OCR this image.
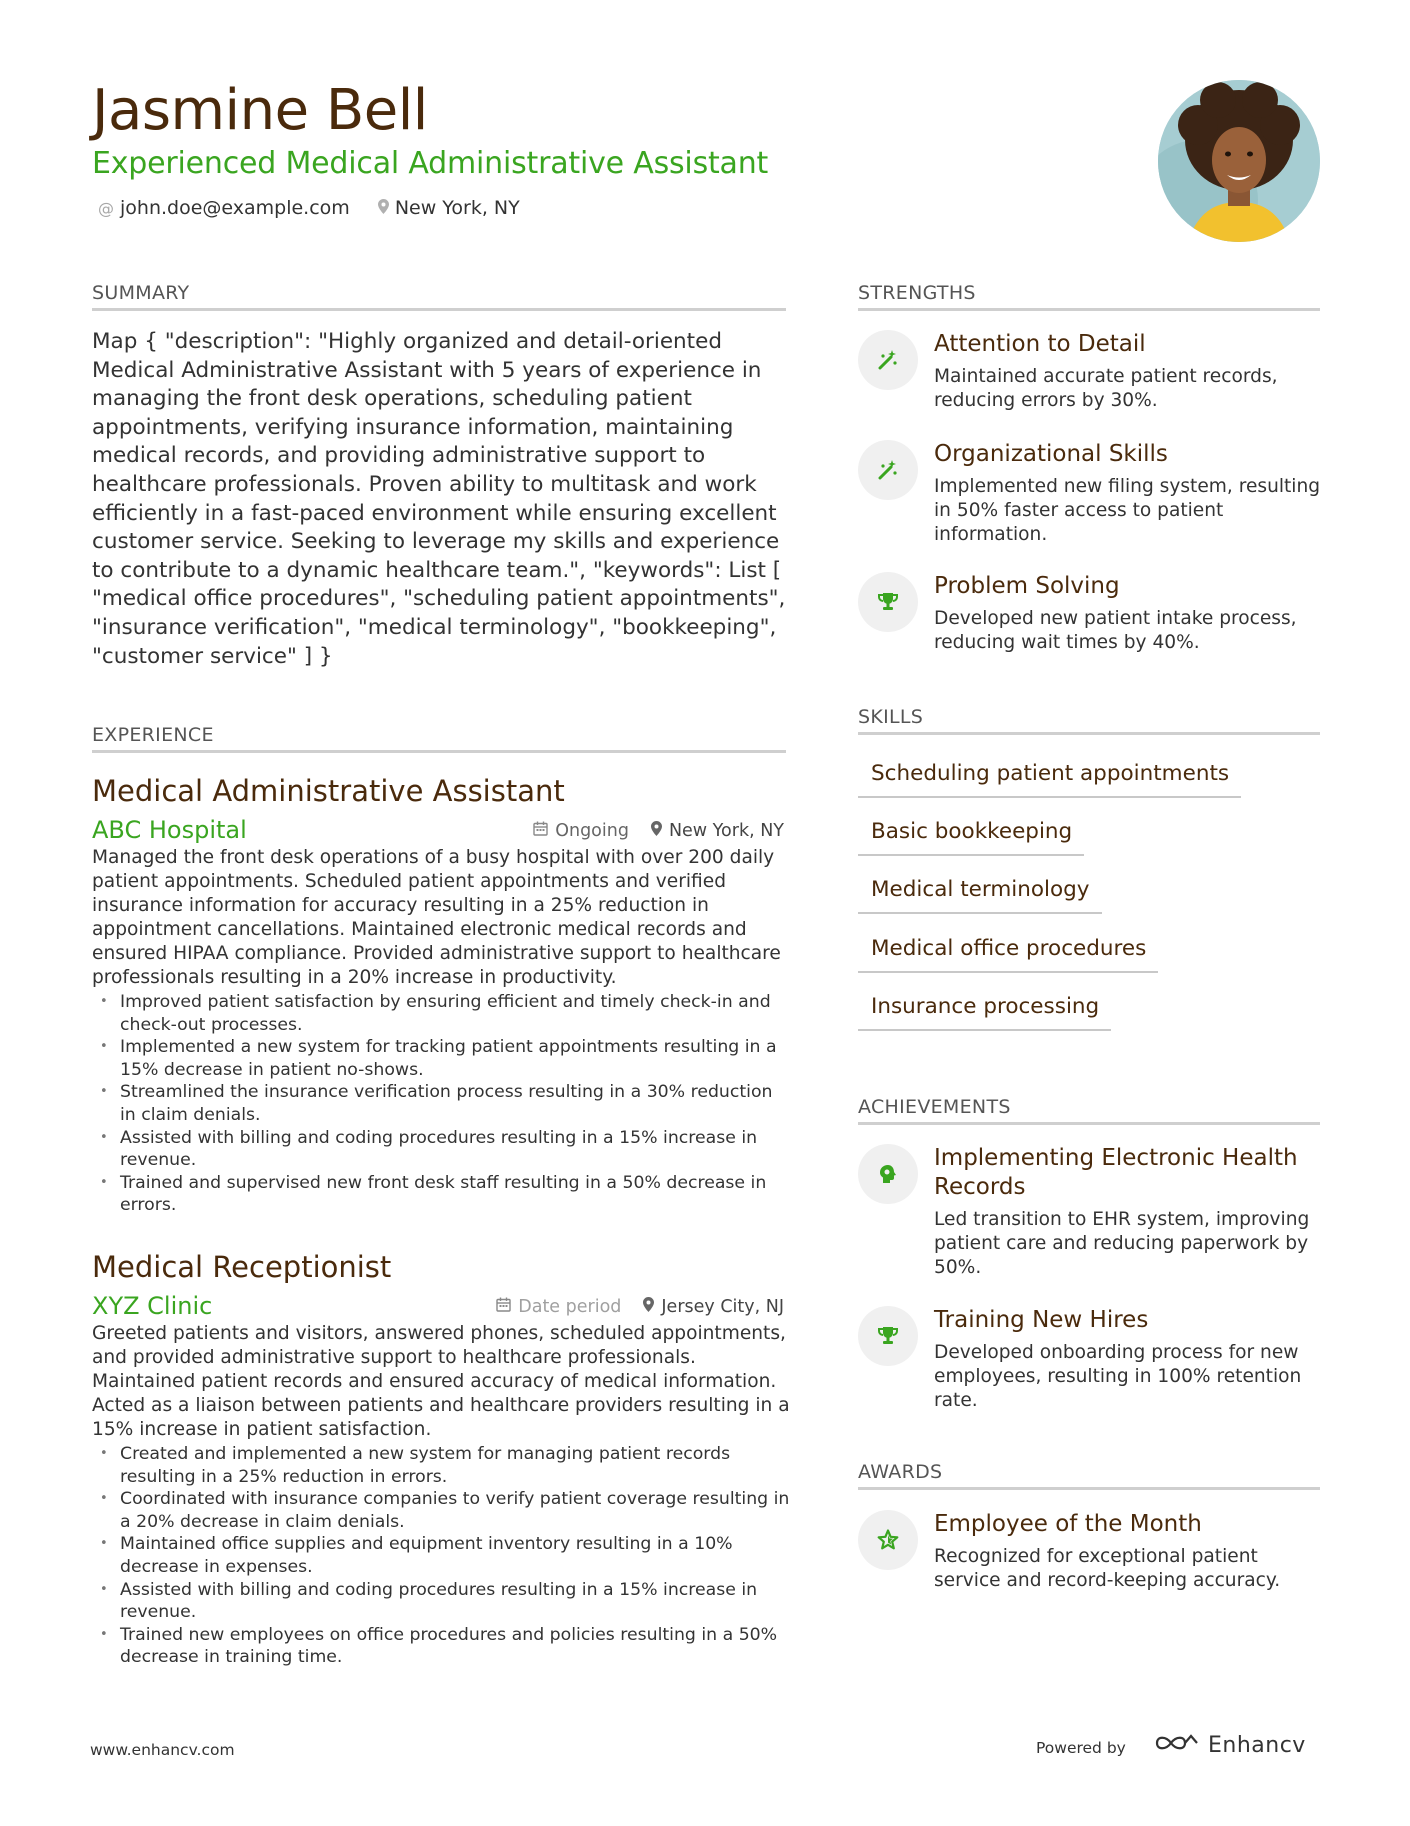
Jasmine Bell
Experienced Medical Administrative Assistant
@ john.doe@example.com New York, NY
SUMMARY
Map { "description": "Highly organized and detail-oriented Medical Administrative Assistant with 5 years of experience in managing the front desk operations, scheduling patient appointments, verifying insurance information, maintaining medical records, and providing administrative support to healthcare professionals. Proven ability to multitask and work efficiently in a fast-paced environment while ensuring excellent customer service. Seeking to leverage my skills and experience to contribute to a dynamic healthcare team.", "keywords": List [ "medical office procedures", "scheduling patient appointments", "insurance verification", "medical terminology", "bookkeeping", "customer service" ] }
EXPERIENCE
Medical Administrative Assistant
ABC Hospital	Ongoing New York, NY
Managed the front desk operations of a busy hospital with over 200 daily patient appointments. Scheduled patient appointments and verified insurance information for accuracy resulting in a 25% reduction in appointment cancellations. Maintained electronic medical records and ensured HIPAA compliance. Provided administrative support to healthcare professionals resulting in a 20% increase in productivity.
• Improved patient satisfaction by ensuring efficient and timely check-in and check-out processes.
• Implemented a new system for tracking patient appointments resulting in a 15% decrease in patient no-shows.
• Streamlined the insurance verification process resulting in a 30% reduction in claim denials.
• Assisted with billing and coding procedures resulting in a 15% increase in revenue.
• Trained and supervised new front desk staff resulting in a 50% decrease in errors.
Medical Receptionist
XYZ Clinic	Date period Jersey City, NJ
Greeted patients and visitors, answered phones, scheduled appointments, and provided administrative support to healthcare professionals. Maintained patient records and ensured accuracy of medical information. Acted as a liaison between patients and healthcare providers resulting in a 15% increase in patient satisfaction.
• Created and implemented a new system for managing patient records resulting in a 25% reduction in errors.
• Coordinated with insurance companies to verify patient coverage resulting in a 20% decrease in claim denials.
• Maintained office supplies and equipment inventory resulting in a 10% decrease in expenses.
• Assisted with billing and coding procedures resulting in a 15% increase in revenue.
• Trained new employees on office procedures and policies resulting in a 50% decrease in training time.
STRENGTHS
Attention to Detail
Maintained accurate patient records, reducing errors by 30%.
Organizational Skills
Implemented new filing system, resulting in 50% faster access to patient information.
Problem Solving
Developed new patient intake process, reducing wait times by 40%.
SKILLS
Scheduling patient appointments
Basic bookkeeping
Medical terminology
Medical office procedures
Insurance processing
ACHIEVEMENTS
Implementing Electronic Health Records
Led transition to EHR system, improving patient care and reducing paperwork by 50%.
Training New Hires
Developed onboarding process for new employees, resulting in 100% retention rate.
AWARDS
Employee of the Month
Recognized for exceptional patient service and record-keeping accuracy.
www.enhancv.com	Powered by	Enhancv
